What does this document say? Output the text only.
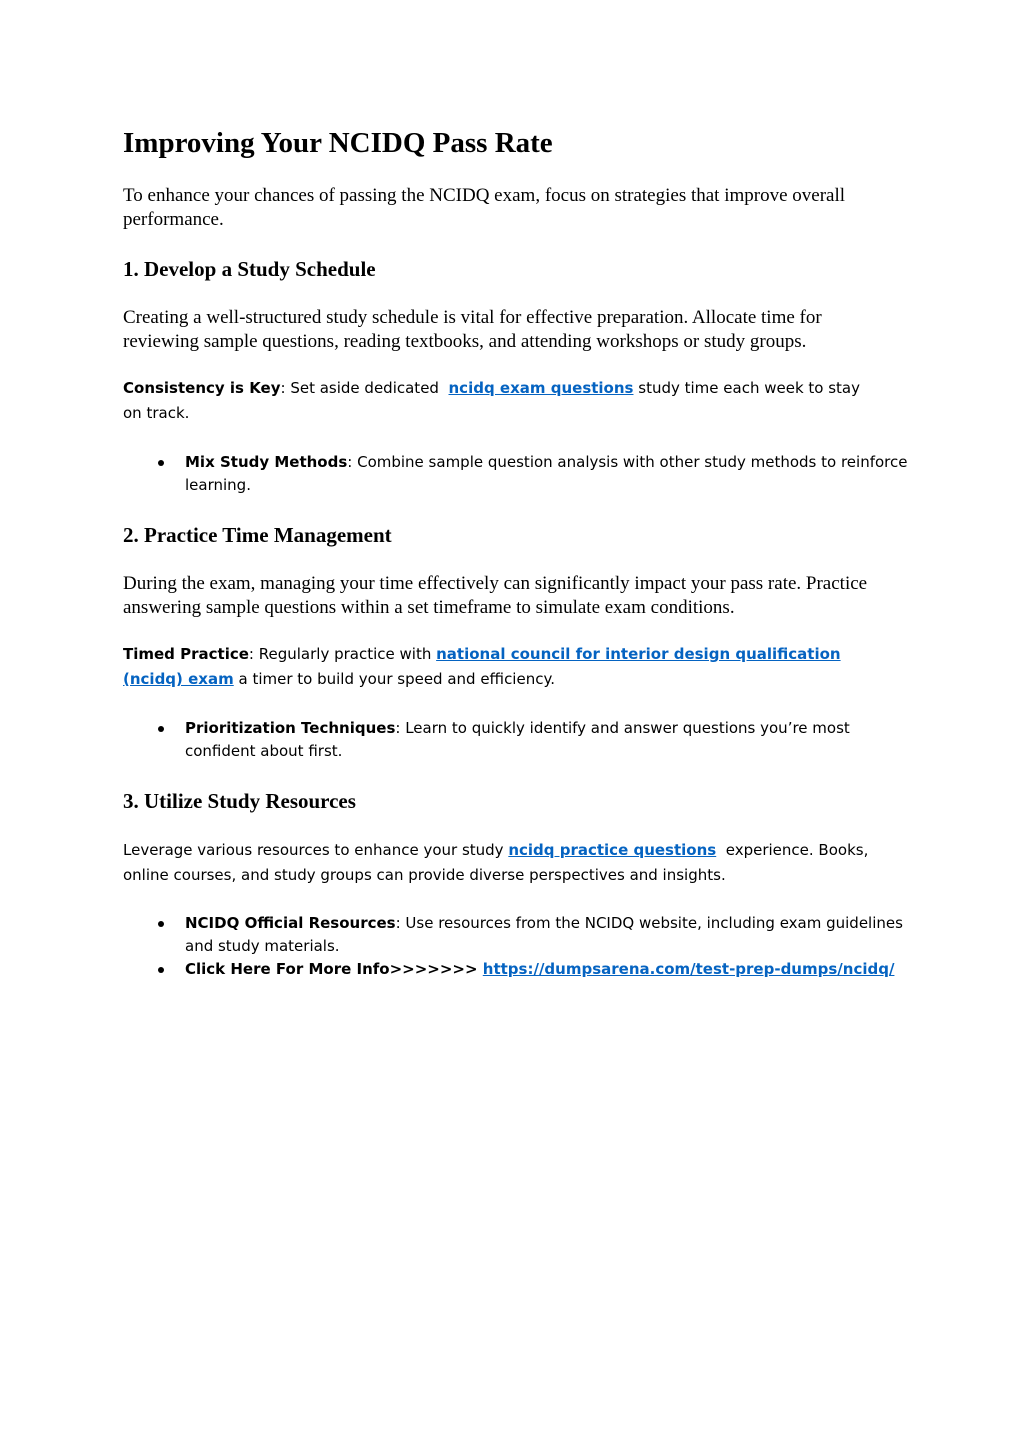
Improving Your NCIDQ Pass Rate

To enhance your chances of passing the NCIDQ exam, focus on strategies that improve overall performance.

1. Develop a Study Schedule

Creating a well-structured study schedule is vital for effective preparation. Allocate time for reviewing sample questions, reading textbooks, and attending workshops or study groups.

Consistency is Key: Set aside dedicated  ncidq exam questions study time each week to stay on track.

Mix Study Methods: Combine sample question analysis with other study methods to reinforce learning.
2. Practice Time Management

During the exam, managing your time effectively can significantly impact your pass rate. Practice answering sample questions within a set timeframe to simulate exam conditions.

Timed Practice: Regularly practice with national council for interior design qualification (ncidq) exam a timer to build your speed and efficiency.

Prioritization Techniques: Learn to quickly identify and answer questions you’re most confident about first.
3. Utilize Study Resources

Leverage various resources to enhance your study ncidq practice questions  experience. Books, online courses, and study groups can provide diverse perspectives and insights.

NCIDQ Official Resources: Use resources from the NCIDQ website, including exam guidelines and study materials.
Click Here For More Info>>>>>>> https://dumpsarena.com/test-prep-dumps/ncidq/
